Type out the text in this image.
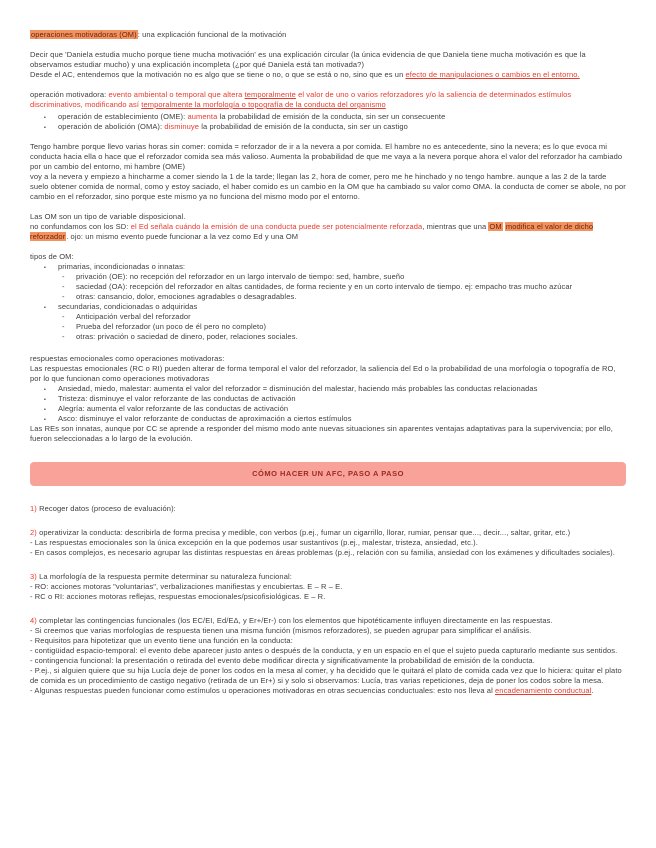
operaciones motivadoras (OM): una explicación funcional de la motivación
Decir que 'Daniela estudia mucho porque tiene mucha motivación' es una explicación circular (la única evidencia de que Daniela tiene mucha motivación es que la observamos estudiar mucho) y una explicación incompleta (¿por qué Daniela está tan motivada?)
Desde el AC, entendemos que la motivación no es algo que se tiene o no, o que se está o no, sino que es un efecto de manipulaciones o cambios en el entorno.
operación motivadora: evento ambiental o temporal que altera temporalmente el valor de uno o varios reforzadores y/o la saliencia de determinados estímulos discriminativos, modificando así temporalmente la morfología o topografía de la conducta del organismo
▪ operación de establecimiento (OME): aumenta la probabilidad de emisión de la conducta, sin ser un consecuente
▪ operación de abolición (OMA): disminuye la probabilidad de emisión de la conducta, sin ser un castigo
Tengo hambre porque llevo varias horas sin comer: comida = reforzador de ir a la nevera a por comida. El hambre no es antecedente, sino la nevera; es lo que evoca mi conducta hacia ella o hace que el reforzador comida sea más valioso. Aumenta la probabilidad de que me vaya a la nevera porque ahora el valor del reforzador ha cambiado por un cambio del entorno, mi hambre (OME)
voy a la nevera y empiezo a hincharme a comer siendo la 1 de la tarde; llegan las 2, hora de comer, pero me he hinchado y no tengo hambre. aunque a las 2 de la tarde suelo obtener comida de normal, como y estoy saciado, el haber comido es un cambio en la OM que ha cambiado su valor como OMA. la conducta de comer se abole, no por cambio en el reforzador, sino porque este mismo ya no funciona del mismo modo por el entorno.
Las OM son un tipo de variable disposicional.
no confundamos con los SD: el Ed señala cuándo la emisión de una conducta puede ser potencialmente reforzada, mientras que una OM modifica el valor de dicho reforzador. ojo: un mismo evento puede funcionar a la vez como Ed y una OM
tipos de OM:
▪ primarias, incondicionadas o innatas:
- privación (OE): no recepción del reforzador en un largo intervalo de tiempo: sed, hambre, sueño
- saciedad (OA): recepción del reforzador en altas cantidades, de forma reciente y en un corto intervalo de tiempo. ej: empacho tras mucho azúcar
- otras: cansancio, dolor, emociones agradables o desagradables.
▪ secundarias, condicionadas o adquiridas
- Anticipación verbal del reforzador
- Prueba del reforzador (un poco de él pero no completo)
- otras: privación o saciedad de dinero, poder, relaciones sociales.
respuestas emocionales como operaciones motivadoras:
Las respuestas emocionales (RC o RI) pueden alterar de forma temporal el valor del reforzador, la saliencia del Ed o la probabilidad de una morfología o topografía de RO, por lo que funcionan como operaciones motivadoras
▪ Ansiedad, miedo, malestar: aumenta el valor del reforzador = disminución del malestar, haciendo más probables las conductas relacionadas
▪ Tristeza: disminuye el valor reforzante de las conductas de activación
▪ Alegría: aumenta el valor reforzante de las conductas de activación
▪ Asco: disminuye el valor reforzante de conductas de aproximación a ciertos estímulos
Las REs son innatas, aunque por CC se aprende a responder del mismo modo ante nuevas situaciones sin aparentes ventajas adaptativas para la supervivencia; por ello, fueron seleccionadas a lo largo de la evolución.
CÓMO HACER UN AFC, PASO A PASO
1) Recoger datos (proceso de evaluación):
2) operativizar la conducta: describirla de forma precisa y medible, con verbos (p.ej., fumar un cigarrillo, llorar, rumiar, pensar que..., decir..., saltar, gritar, etc.)
- Las respuestas emocionales son la única excepción en la que podemos usar sustantivos (p.ej., malestar, tristeza, ansiedad, etc.).
- En casos complejos, es necesario agrupar las distintas respuestas en áreas problemas (p.ej., relación con su familia, ansiedad con los exámenes y dificultades sociales).
3) La morfología de la respuesta permite determinar su naturaleza funcional:
- RO: acciones motoras "voluntarias", verbalizaciones manifiestas y encubiertas. E – R – E.
- RC o RI: acciones motoras reflejas, respuestas emocionales/psicofisiológicas. E – R.
4) completar las contingencias funcionales (los EC/EI, Ed/EΔ, y Er+/Er-) con los elementos que hipotéticamente influyen directamente en las respuestas.
- Si creemos que varias morfologías de respuesta tienen una misma función (mismos reforzadores), se pueden agrupar para simplificar el análisis.
- Requisitos para hipotetizar que un evento tiene una función en la conducta:
- contigüidad espacio-temporal: el evento debe aparecer justo antes o después de la conducta, y en un espacio en el que el sujeto pueda capturarlo mediante sus sentidos.
- contingencia funcional: la presentación o retirada del evento debe modificar directa y significativamente la probabilidad de emisión de la conducta.
- P.ej., si alguien quiere que su hija Lucía deje de poner los codos en la mesa al comer, y ha decidido que le quitará el plato de comida cada vez que lo hiciera: quitar el plato de comida es un procedimiento de castigo negativo (retirada de un Er+) si y solo si observamos: Lucía, tras varias repeticiones, deja de poner los codos sobre la mesa.
- Algunas respuestas pueden funcionar como estímulos u operaciones motivadoras en otras secuencias conductuales: esto nos lleva al encadenamiento conductual.
